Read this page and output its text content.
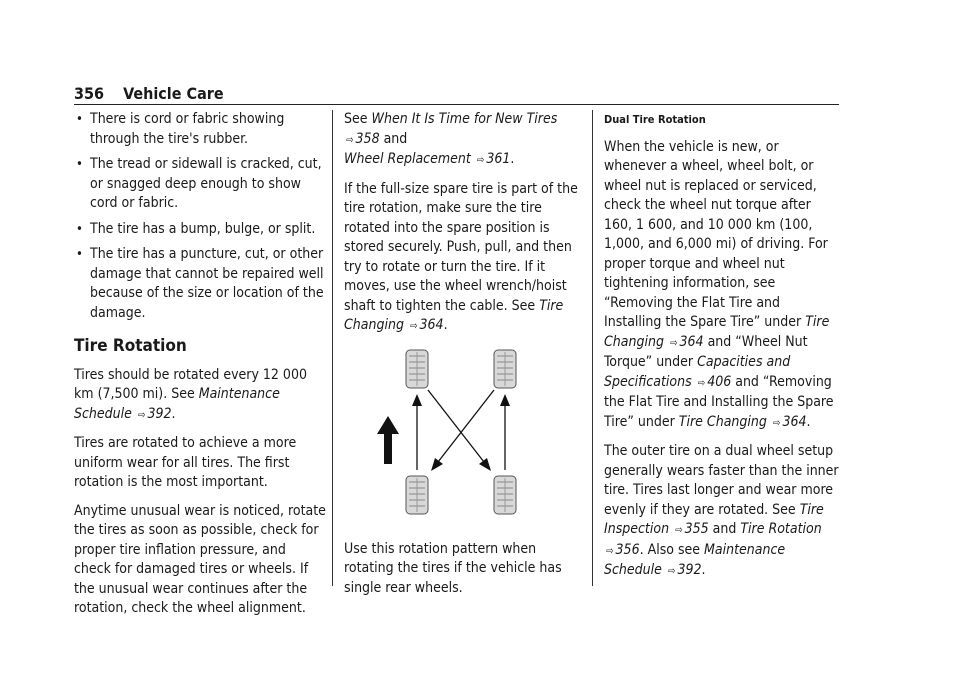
356 Vehicle Care
• There is cord or fabric showing through the tire's rubber.
• The tread or sidewall is cracked, cut, or snagged deep enough to show cord or fabric.
• The tire has a bump, bulge, or split.
• The tire has a puncture, cut, or other damage that cannot be repaired well because of the size or location of the damage.
Tire Rotation

Tires should be rotated every 12 000 km (7,500 mi). See Maintenance Schedule ⇨ 392.

Tires are rotated to achieve a more uniform wear for all tires. The first rotation is the most important.

Anytime unusual wear is noticed, rotate the tires as soon as possible, check for proper tire inflation pressure, and check for damaged tires or wheels. If the unusual wear continues after the rotation, check the wheel alignment.

See When It Is Time for New Tires
⇨ 358 and
Wheel Replacement ⇨ 361.

If the full-size spare tire is part of the tire rotation, make sure the tire rotated into the spare position is stored securely. Push, pull, and then try to rotate or turn the tire. If it moves, use the wheel wrench/hoist shaft to tighten the cable. See Tire Changing ⇨ 364.

Use this rotation pattern when rotating the tires if the vehicle has single rear wheels.

Dual Tire Rotation

When the vehicle is new, or whenever a wheel, wheel bolt, or wheel nut is replaced or serviced, check the wheel nut torque after 160, 1 600, and 10 000 km (100, 1,000, and 6,000 mi) of driving. For proper torque and wheel nut tightening information, see “Removing the Flat Tire and Installing the Spare Tire” under Tire Changing ⇨ 364 and “Wheel Nut Torque” under Capacities and Specifications ⇨ 406 and “Removing the Flat Tire and Installing the Spare Tire” under Tire Changing ⇨ 364.

The outer tire on a dual wheel setup generally wears faster than the inner tire. Tires last longer and wear more evenly if they are rotated. See Tire Inspection ⇨ 355 and Tire Rotation ⇨ 356. Also see Maintenance Schedule ⇨ 392.
